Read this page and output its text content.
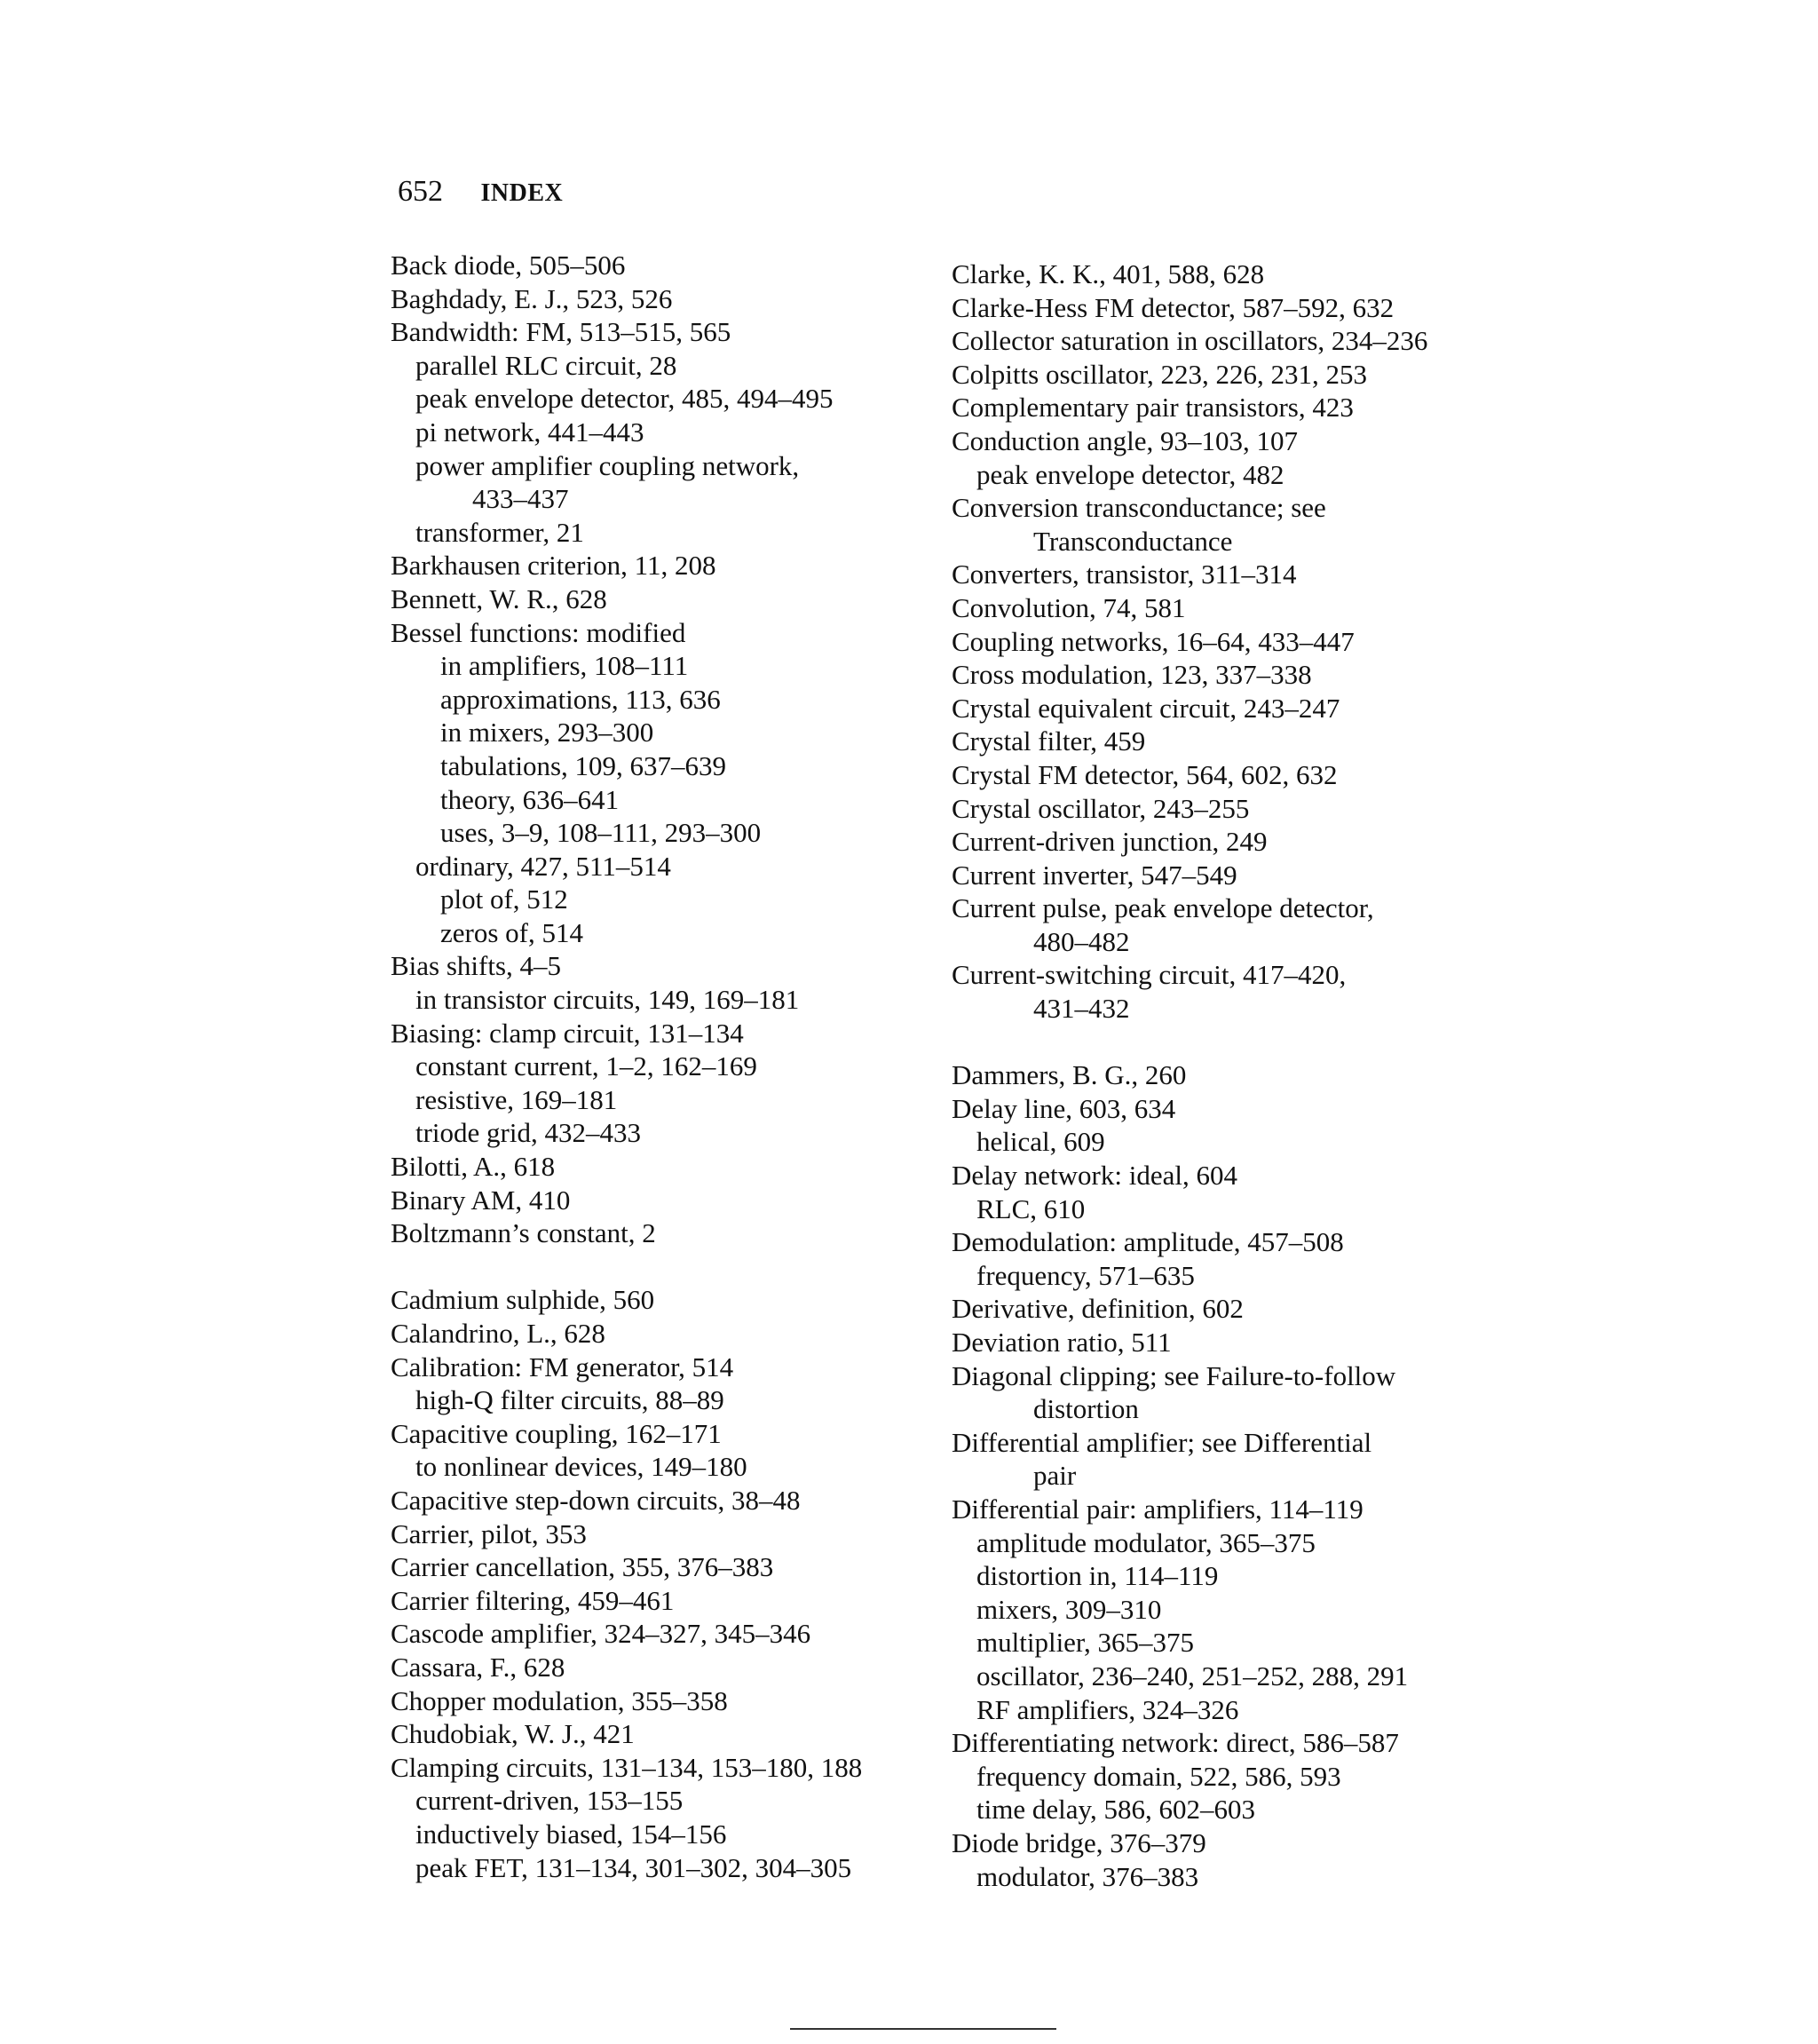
652 INDEX
Back diode, 505–506
Baghdady, E. J., 523, 526
Bandwidth: FM, 513–515, 565
parallel RLC circuit, 28
peak envelope detector, 485, 494–495
pi network, 441–443
power amplifier coupling network,
433–437
transformer, 21
Barkhausen criterion, 11, 208
Bennett, W. R., 628
Bessel functions: modified
in amplifiers, 108–111
approximations, 113, 636
in mixers, 293–300
tabulations, 109, 637–639
theory, 636–641
uses, 3–9, 108–111, 293–300
ordinary, 427, 511–514
plot of, 512
zeros of, 514
Bias shifts, 4–5
in transistor circuits, 149, 169–181
Biasing: clamp circuit, 131–134
constant current, 1–2, 162–169
resistive, 169–181
triode grid, 432–433
Bilotti, A., 618
Binary AM, 410
Boltzmann’s constant, 2
Cadmium sulphide, 560
Calandrino, L., 628
Calibration: FM generator, 514
high-Q filter circuits, 88–89
Capacitive coupling, 162–171
to nonlinear devices, 149–180
Capacitive step-down circuits, 38–48
Carrier, pilot, 353
Carrier cancellation, 355, 376–383
Carrier filtering, 459–461
Cascode amplifier, 324–327, 345–346
Cassara, F., 628
Chopper modulation, 355–358
Chudobiak, W. J., 421
Clamping circuits, 131–134, 153–180, 188
current-driven, 153–155
inductively biased, 154–156
peak FET, 131–134, 301–302, 304–305
Clarke, K. K., 401, 588, 628
Clarke-Hess FM detector, 587–592, 632
Collector saturation in oscillators, 234–236
Colpitts oscillator, 223, 226, 231, 253
Complementary pair transistors, 423
Conduction angle, 93–103, 107
peak envelope detector, 482
Conversion transconductance; see
Transconductance
Converters, transistor, 311–314
Convolution, 74, 581
Coupling networks, 16–64, 433–447
Cross modulation, 123, 337–338
Crystal equivalent circuit, 243–247
Crystal filter, 459
Crystal FM detector, 564, 602, 632
Crystal oscillator, 243–255
Current-driven junction, 249
Current inverter, 547–549
Current pulse, peak envelope detector,
480–482
Current-switching circuit, 417–420,
431–432
Dammers, B. G., 260
Delay line, 603, 634
helical, 609
Delay network: ideal, 604
RLC, 610
Demodulation: amplitude, 457–508
frequency, 571–635
Derivative, definition, 602
Deviation ratio, 511
Diagonal clipping; see Failure-to-follow
distortion
Differential amplifier; see Differential
pair
Differential pair: amplifiers, 114–119
amplitude modulator, 365–375
distortion in, 114–119
mixers, 309–310
multiplier, 365–375
oscillator, 236–240, 251–252, 288, 291
RF amplifiers, 324–326
Differentiating network: direct, 586–587
frequency domain, 522, 586, 593
time delay, 586, 602–603
Diode bridge, 376–379
modulator, 376–383
